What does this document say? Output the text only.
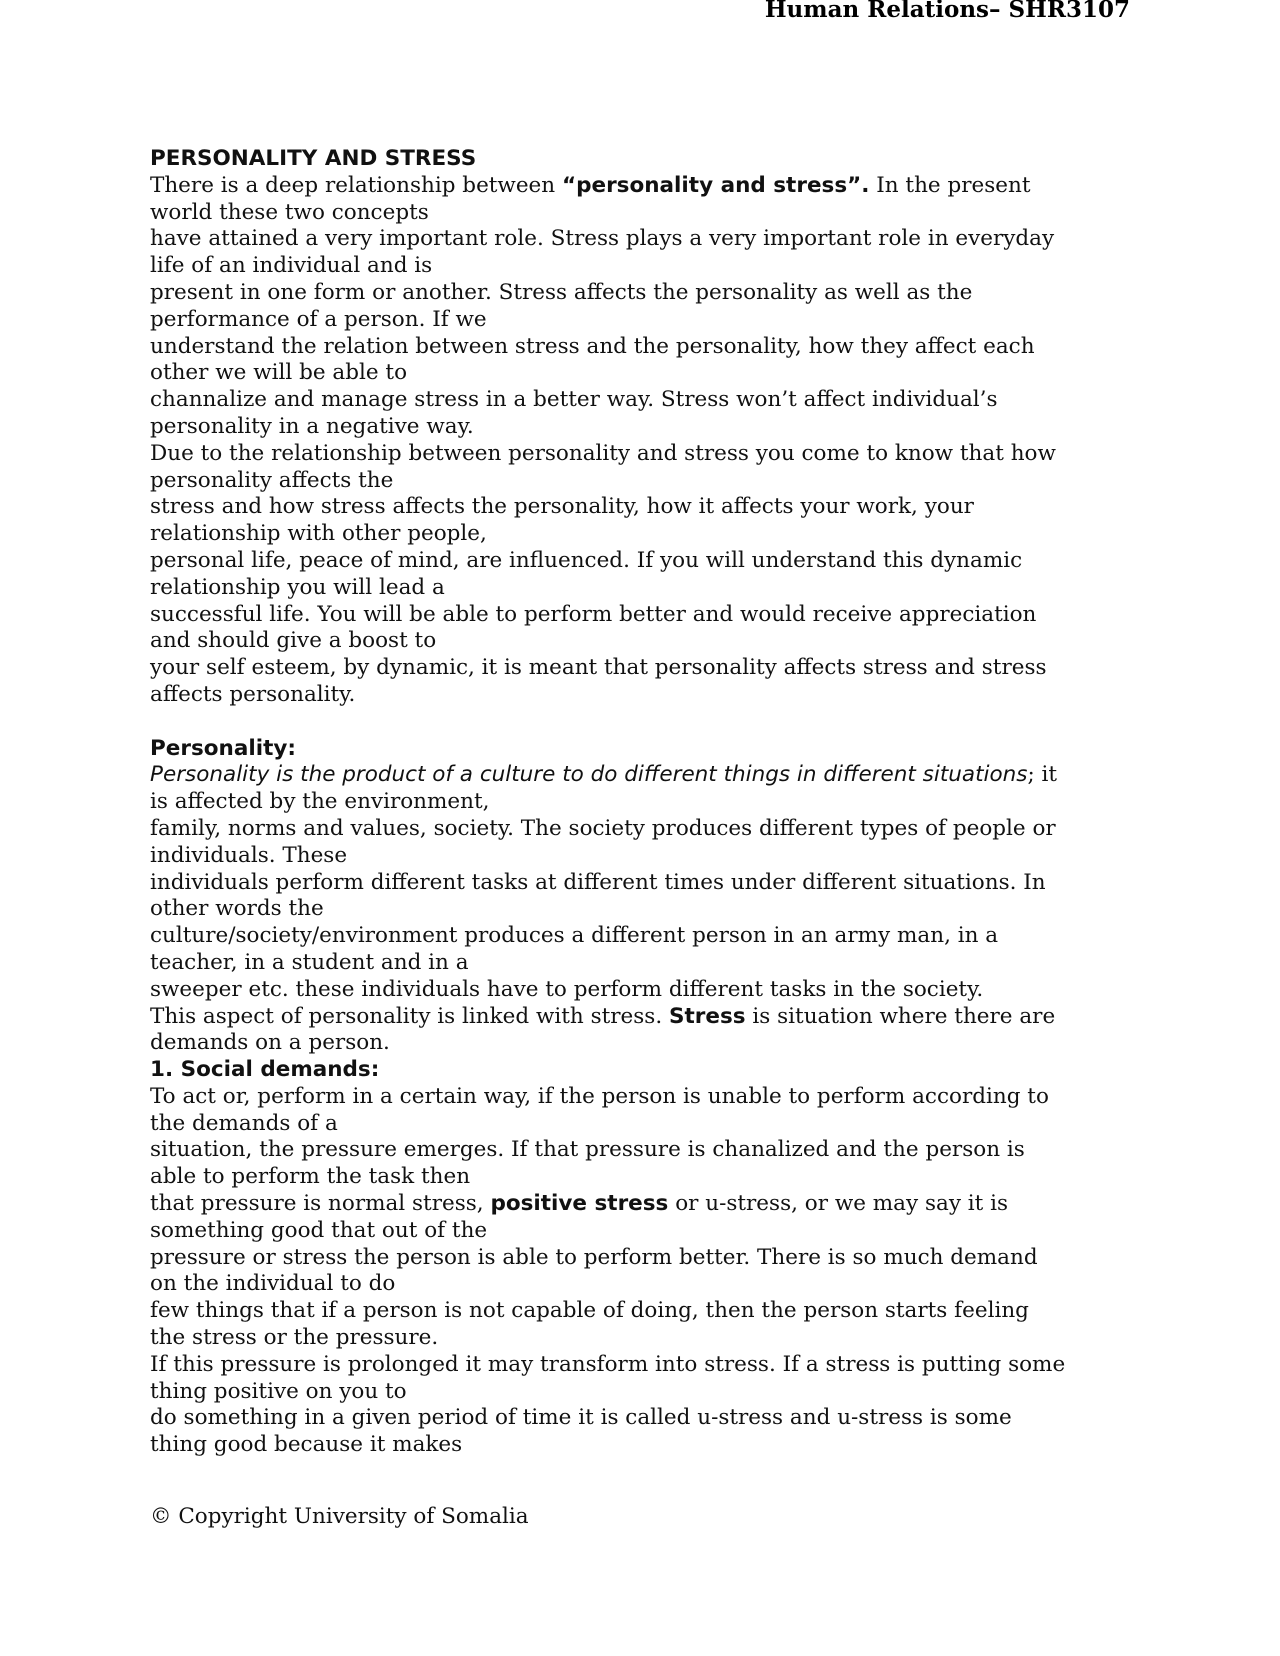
Human Relations– SHR3107
PERSONALITY AND STRESS
There is a deep relationship between “personality and stress”. In the present
world these two concepts
have attained a very important role. Stress plays a very important role in everyday
life of an individual and is
present in one form or another. Stress affects the personality as well as the
performance of a person. If we
understand the relation between stress and the personality, how they affect each
other we will be able to
channalize and manage stress in a better way. Stress won’t affect individual’s
personality in a negative way.
Due to the relationship between personality and stress you come to know that how
personality affects the
stress and how stress affects the personality, how it affects your work, your
relationship with other people,
personal life, peace of mind, are influenced. If you will understand this dynamic
relationship you will lead a
successful life. You will be able to perform better and would receive appreciation
and should give a boost to
your self esteem, by dynamic, it is meant that personality affects stress and stress
affects personality.
Personality:
Personality is the product of a culture to do different things in different situations; it
is affected by the environment,
family, norms and values, society. The society produces different types of people or
individuals. These
individuals perform different tasks at different times under different situations. In
other words the
culture/society/environment produces a different person in an army man, in a
teacher, in a student and in a
sweeper etc. these individuals have to perform different tasks in the society.
This aspect of personality is linked with stress. Stress is situation where there are
demands on a person.
1. Social demands:
To act or, perform in a certain way, if the person is unable to perform according to
the demands of a
situation, the pressure emerges. If that pressure is chanalized and the person is
able to perform the task then
that pressure is normal stress, positive stress or u-stress, or we may say it is
something good that out of the
pressure or stress the person is able to perform better. There is so much demand
on the individual to do
few things that if a person is not capable of doing, then the person starts feeling
the stress or the pressure.
If this pressure is prolonged it may transform into stress. If a stress is putting some
thing positive on you to
do something in a given period of time it is called u-stress and u-stress is some
thing good because it makes
© Copyright University of Somalia
